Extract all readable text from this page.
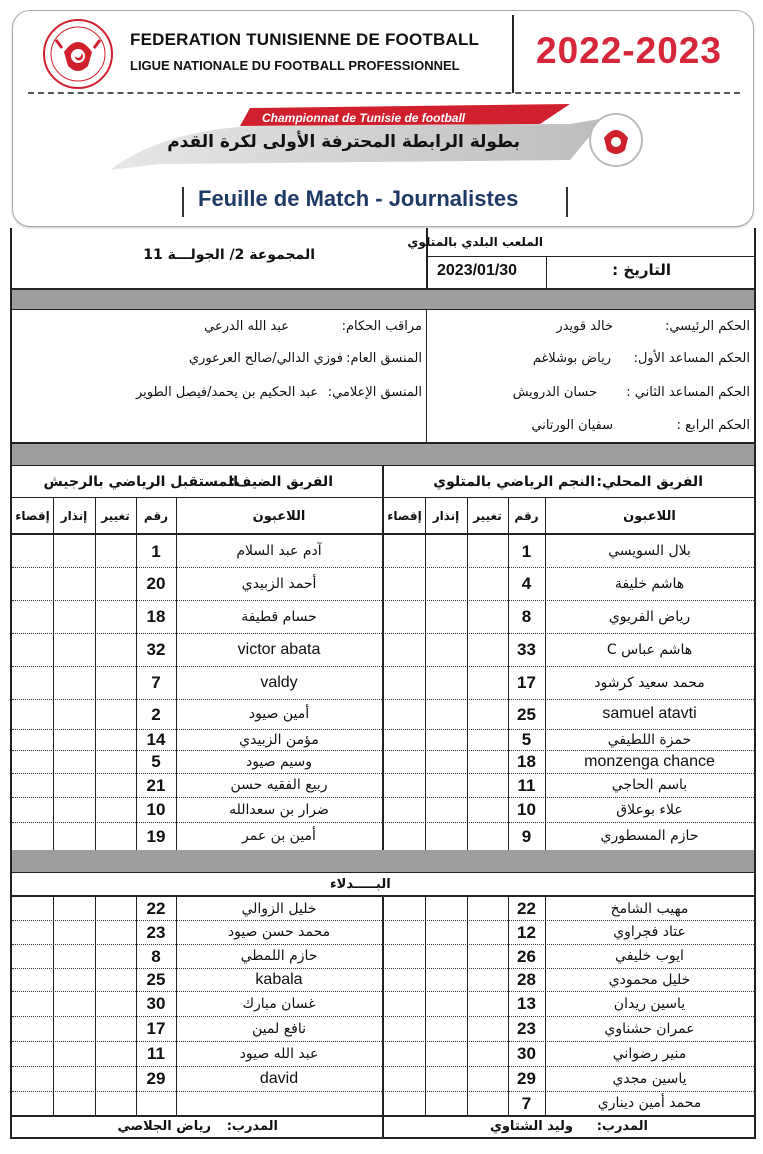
FEDERATION TUNISIENNE DE FOOTBALL
LIGUE NATIONALE DU FOOTBALL PROFESSIONNEL 2022-2023
Championnat de Tunisie de football
بطولة الرابطة المحترفة الأولى لكرة القدم
Feuille de Match - Journalistes
الملعب البلدي بالمتلوي
التاريخ :
2023/01/30
المجموعة 2/ الجولـــة 11
الحكم الرئيسي:
خالد قويدر
الحكم المساعد الأول:
رياض بوشلاغم
الحكم المساعد الثاني :
حسان الدرويش
الحكم الرابع :
سفيان الورتاني
مراقب الحكام:
عبد الله الدرعي
المنسق العام:
فوزي الدالي/صالح العرعوري
المنسق الإعلامي:
عبد الحكيم بن يحمد/فيصل الطوير
الفريق المحلي:
النجم الرياضي بالمتلوي
الفريق الضيف:
المستقبل الرياضي بالرجيش
البـــــدلاء
المدرب:
وليد الشتاوي
المدرب:
رياض الجلاصي
اللاعبون
رقم
تغيير
إنذار
إقصاء
اللاعبون
رقم
تغيير
إنذار
إقصاء
بلال السويسي
1
آدم عبد السلام
1
هاشم خليفة
4
أحمد الزبيدي
20
رياض الفريوي
8
حسام قطيفة
18
هاشم عباس C
33
victor abata
32
محمد سعيد كرشود
17
valdy
7
samuel atavti
25
أمين صيود
2
حمزة اللطيفي
5
مؤمن الزبيدي
14
monzenga chance
18
وسيم صيود
5
باسم الحاجي
11
ربيع الفقيه حسن
21
علاء بوعلاق
10
ضرار بن سعدالله
10
حازم المسطوري
9
أمين بن عمر
19
مهيب الشامخ
22
خليل الزوالي
22
عتاد فجراوي
12
محمد حسن صيود
23
ايوب خليفي
26
حازم اللمطي
8
خليل محمودي
28
kabala
25
ياسين ريدان
13
غسان مبارك
30
عمران حشناوي
23
نافع لمين
17
منير رضواني
30
عبد الله صيود
11
ياسين مجدي
29
david
29
محمد أمين ديناري
7
